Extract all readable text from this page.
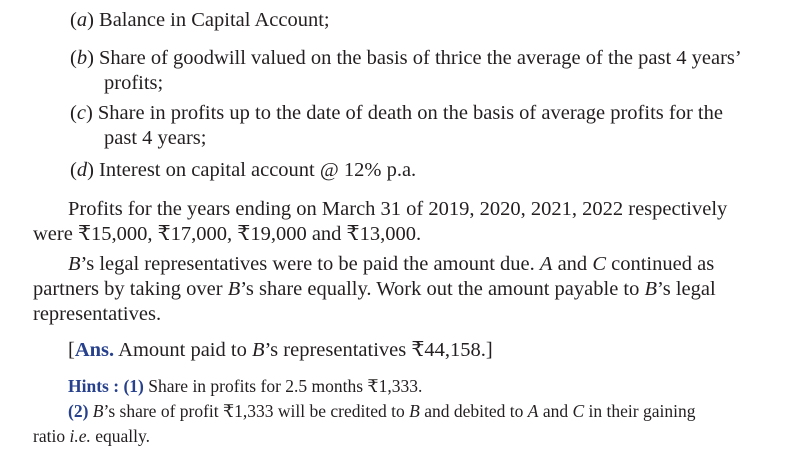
(a) Balance in Capital Account;
(b) Share of goodwill valued on the basis of thrice the average of the past 4 years’
profits;
(c) Share in profits up to the date of death on the basis of average profits for the
past 4 years;
(d) Interest on capital account @ 12% p.a.
Profits for the years ending on March 31 of 2019, 2020, 2021, 2022 respectively
were ₹15,000, ₹17,000, ₹19,000 and ₹13,000.
B’s legal representatives were to be paid the amount due. A and C continued as
partners by taking over B’s share equally. Work out the amount payable to B’s legal
representatives.
[Ans. Amount paid to B’s representatives ₹44,158.]
Hints : (1) Share in profits for 2.5 months ₹1,333.
(2) B’s share of profit ₹1,333 will be credited to B and debited to A and C in their gaining
ratio i.e. equally.
